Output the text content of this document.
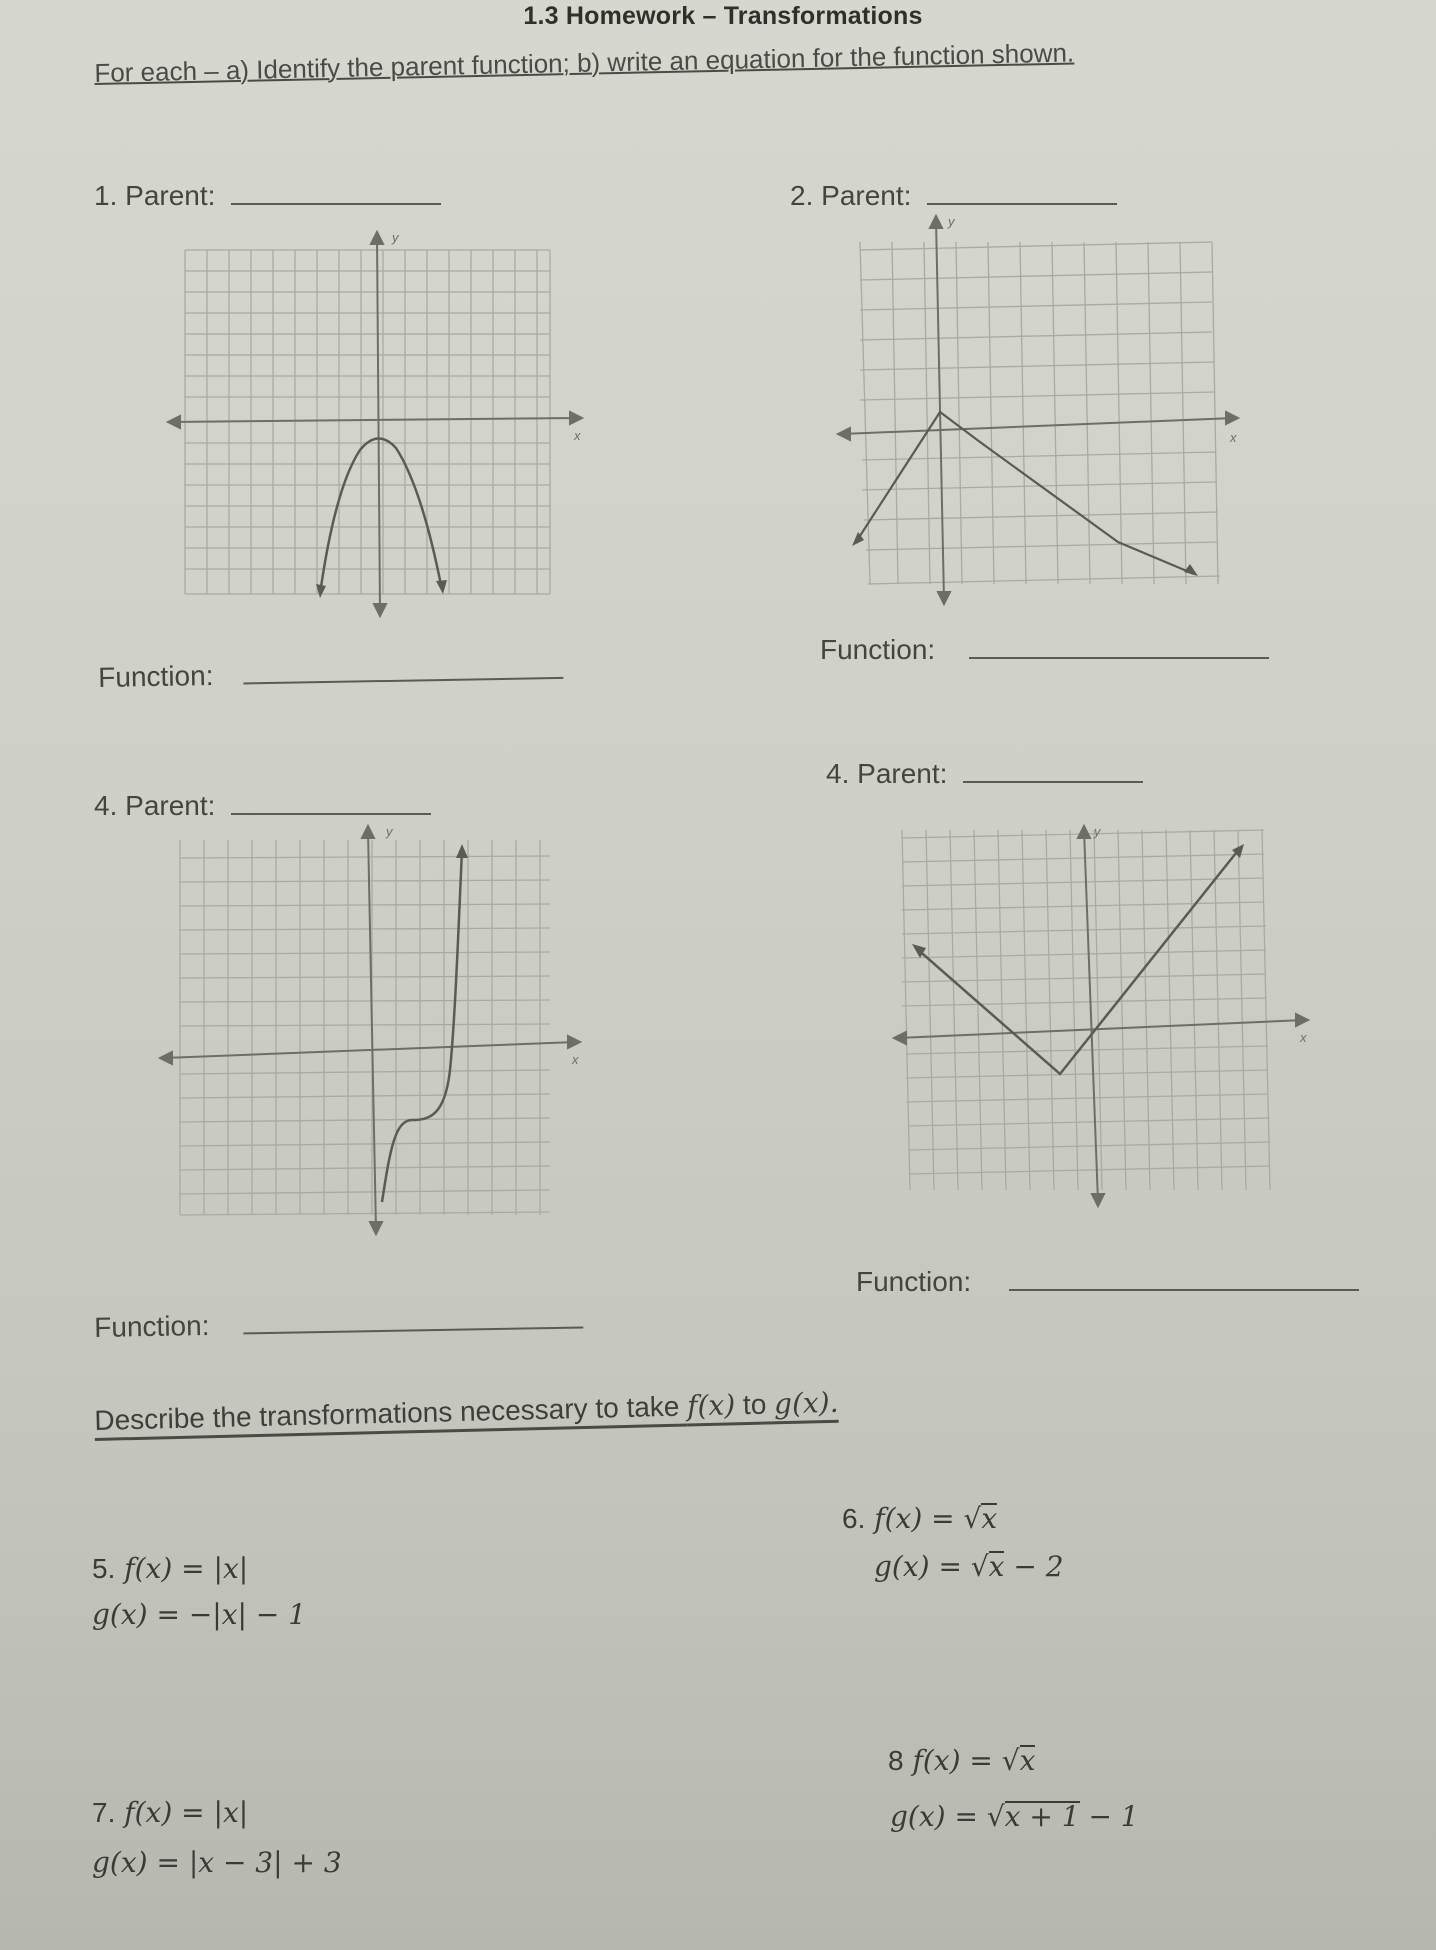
1.3 Homework – Transformations
For each – a) Identify the parent function; b) write an equation for the function shown.
1. Parent:
y
x
Function:
2. Parent:
y
x
Function:
4. Parent:
y
x
Function:
4. Parent:
y
x
Function:
Describe the transformations necessary to take f(x) to g(x).
5. f(x) = |x|
g(x) = −|x| − 1
6. f(x) = √x
g(x) = √x − 2
7. f(x) = |x|
g(x) = |x − 3| + 3
8 f(x) = √x
g(x) = √x + 1 − 1
